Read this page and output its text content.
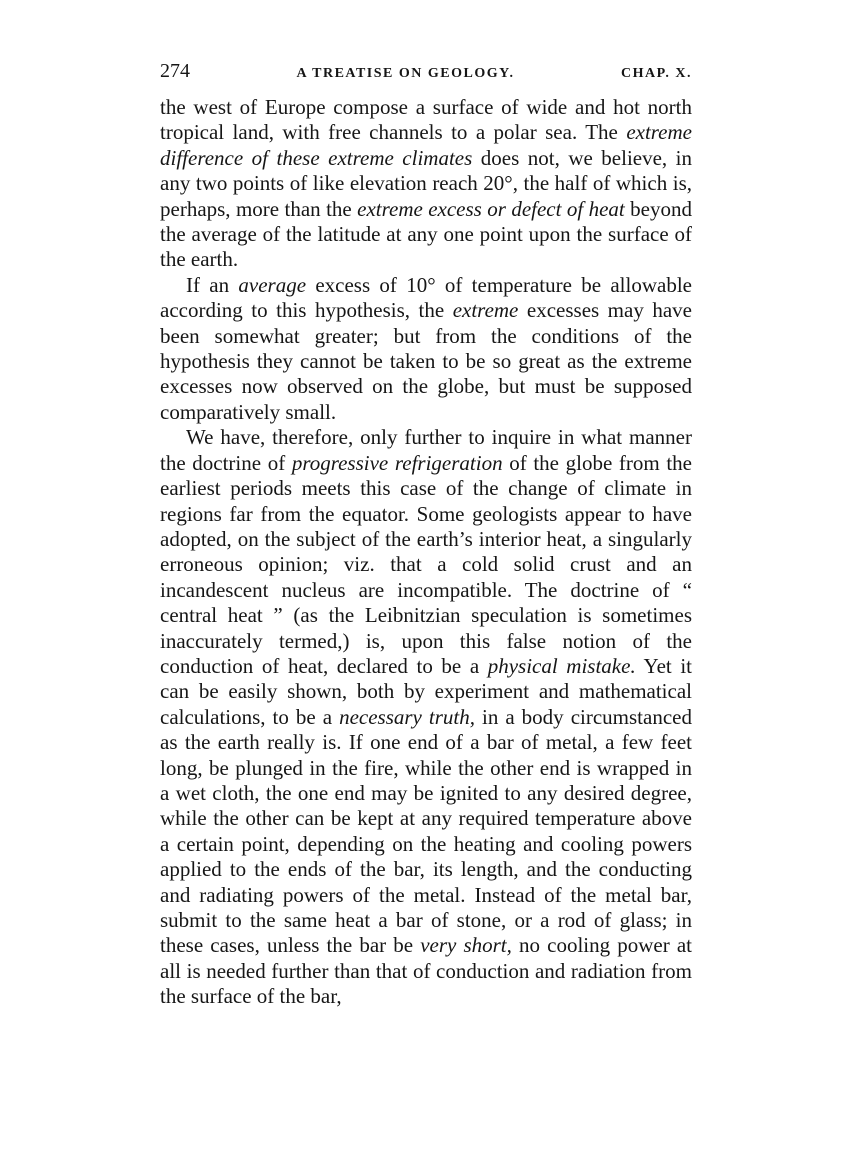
274	A TREATISE ON GEOLOGY.	CHAP. X.

the west of Europe compose a surface of wide and hot north tropical land, with free channels to a polar sea. The extreme difference of these extreme climates does not, we believe, in any two points of like elevation reach 20°, the half of which is, perhaps, more than the extreme excess or defect of heat beyond the average of the latitude at any one point upon the surface of the earth.

If an average excess of 10° of temperature be allowable according to this hypothesis, the extreme excesses may have been somewhat greater; but from the conditions of the hypothesis they cannot be taken to be so great as the extreme excesses now observed on the globe, but must be supposed comparatively small.

We have, therefore, only further to inquire in what manner the doctrine of progressive refrigeration of the globe from the earliest periods meets this case of the change of climate in regions far from the equator. Some geologists appear to have adopted, on the subject of the earth’s interior heat, a singularly erroneous opinion; viz. that a cold solid crust and an incandescent nucleus are incompatible. The doctrine of “ central heat ” (as the Leibnitzian speculation is sometimes inaccurately termed,) is, upon this false notion of the conduction of heat, declared to be a physical mistake. Yet it can be easily shown, both by experiment and mathematical calculations, to be a necessary truth, in a body circumstanced as the earth really is. If one end of a bar of metal, a few feet long, be plunged in the fire, while the other end is wrapped in a wet cloth, the one end may be ignited to any desired degree, while the other can be kept at any required temperature above a certain point, depending on the heating and cooling powers applied to the ends of the bar, its length, and the conducting and radiating powers of the metal. Instead of the metal bar, submit to the same heat a bar of stone, or a rod of glass; in these cases, unless the bar be very short, no cooling power at all is needed further than that of conduction and radiation from the surface of the bar,
